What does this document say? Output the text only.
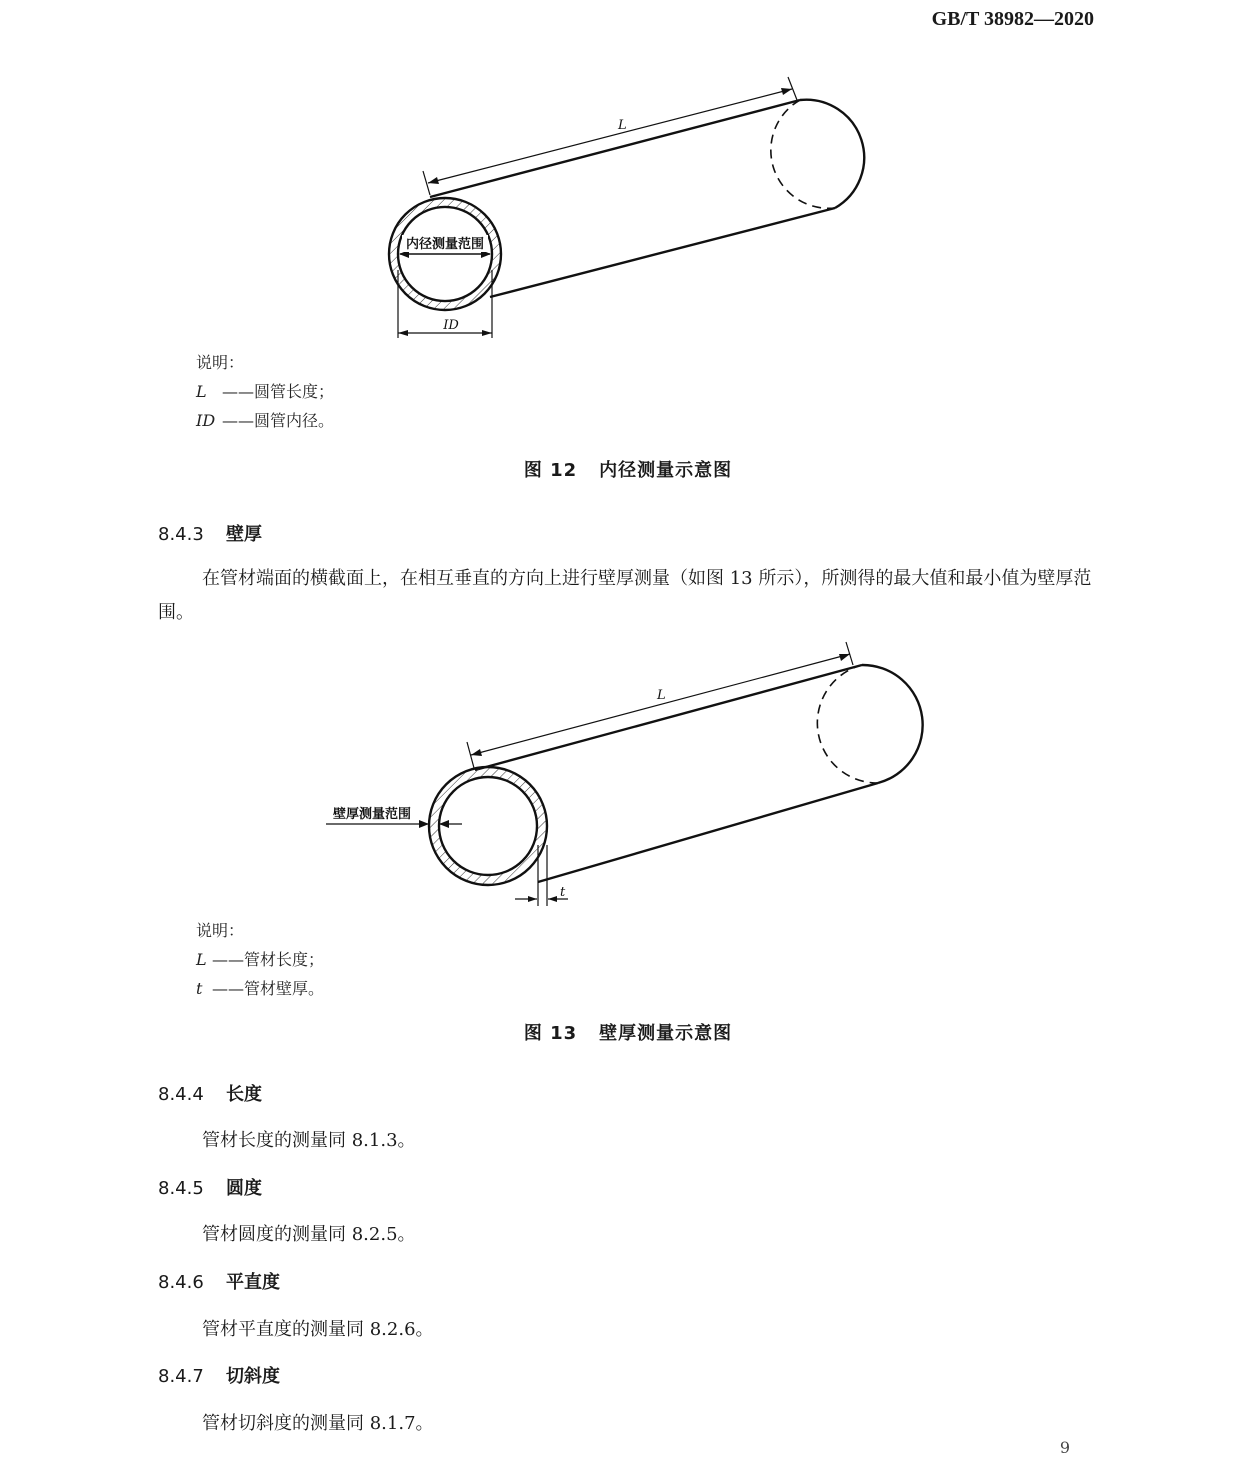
GB/T 38982—2020
内径测量范围
ID
L
说明：
L ——圆管长度；
ID ——圆管内径。
图 12 内径测量示意图
8.4.3 壁厚
在管材端面的横截面上，在相互垂直的方向上进行壁厚测量（如图 13 所示），所测得的最大值和最小值为壁厚范围。
壁厚测量范围
t
L
说明：
L ——管材长度；
t ——管材壁厚。
图 13 壁厚测量示意图
8.4.4 长度
管材长度的测量同 8.1.3。
8.4.5 圆度
管材圆度的测量同 8.2.5。
8.4.6 平直度
管材平直度的测量同 8.2.6。
8.4.7 切斜度
管材切斜度的测量同 8.1.7。
9
